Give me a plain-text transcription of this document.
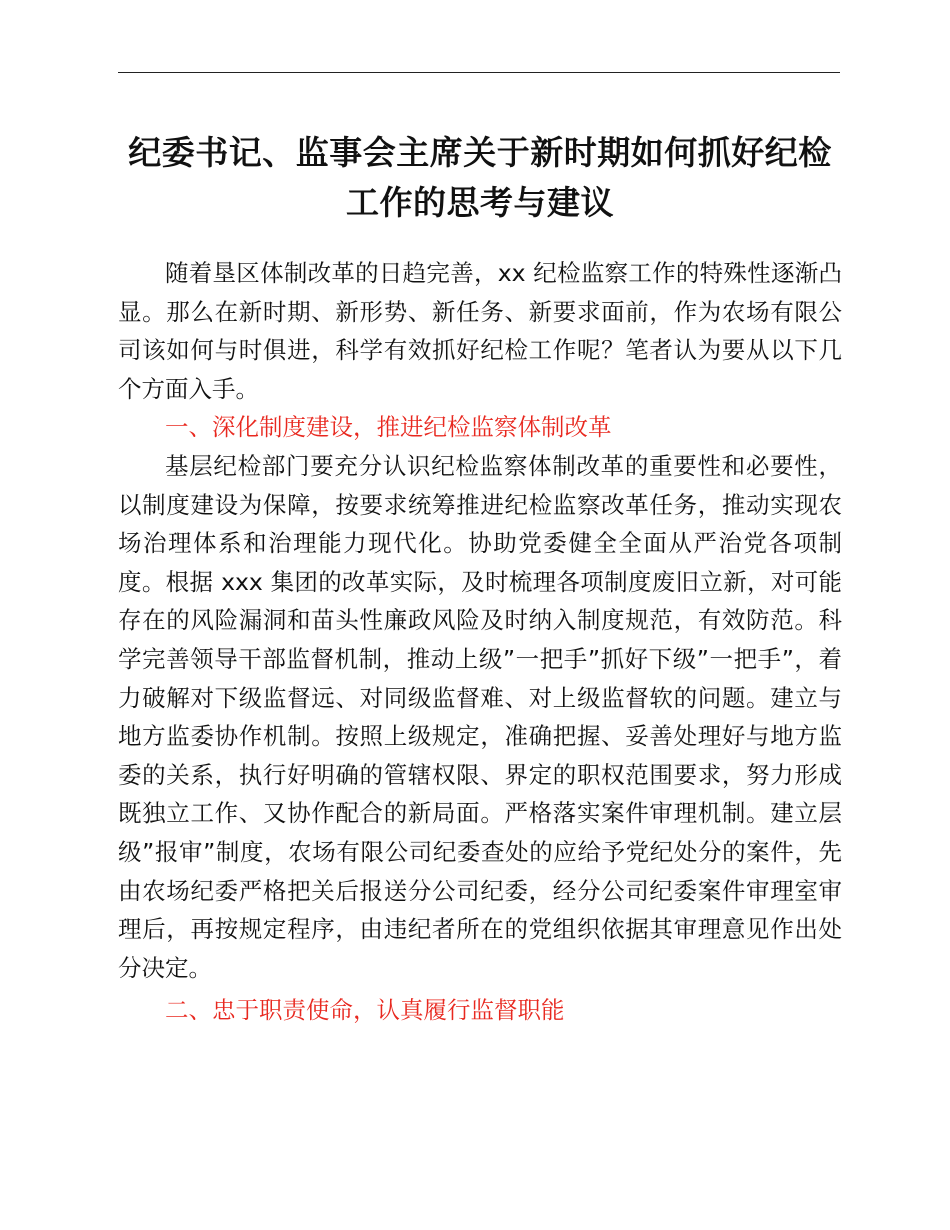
纪委书记、监事会主席关于新时期如何抓好纪检工作的思考与建议

随着垦区体制改革的日趋完善，xx 纪检监察工作的特殊性逐渐凸显。那么在新时期、新形势、新任务、新要求面前，作为农场有限公司该如何与时俱进，科学有效抓好纪检工作呢？笔者认为要从以下几个方面入手。

一、深化制度建设，推进纪检监察体制改革

基层纪检部门要充分认识纪检监察体制改革的重要性和必要性，以制度建设为保障，按要求统筹推进纪检监察改革任务，推动实现农场治理体系和治理能力现代化。协助党委健全全面从严治党各项制度。根据 xxx 集团的改革实际，及时梳理各项制度废旧立新，对可能存在的风险漏洞和苗头性廉政风险及时纳入制度规范，有效防范。科学完善领导干部监督机制，推动上级”一把手”抓好下级”一把手”，着力破解对下级监督远、对同级监督难、对上级监督软的问题。建立与地方监委协作机制。按照上级规定，准确把握、妥善处理好与地方监委的关系，执行好明确的管辖权限、界定的职权范围要求，努力形成既独立工作、又协作配合的新局面。严格落实案件审理机制。建立层级”报审”制度，农场有限公司纪委查处的应给予党纪处分的案件，先由农场纪委严格把关后报送分公司纪委，经分公司纪委案件审理室审理后，再按规定程序，由违纪者所在的党组织依据其审理意见作出处分决定。

二、忠于职责使命，认真履行监督职能
